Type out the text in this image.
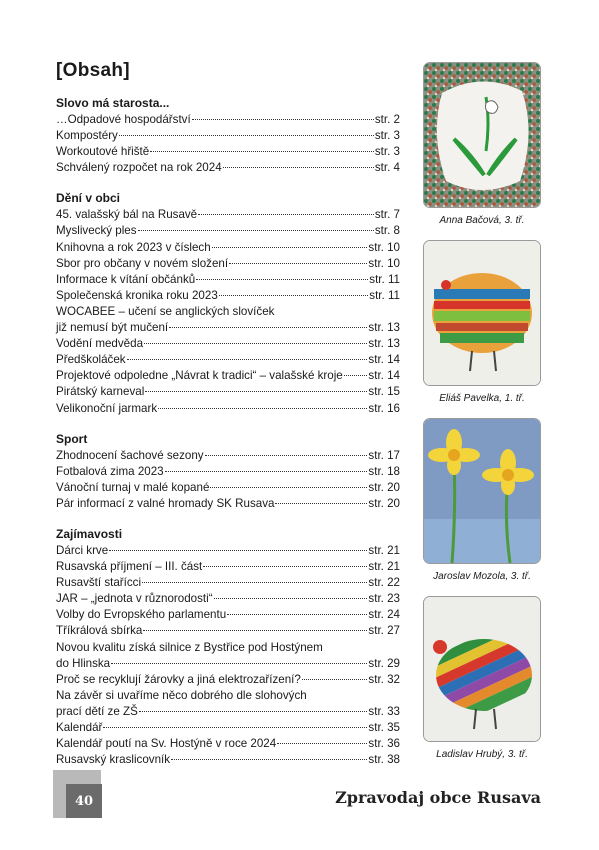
[Obsah]
Slovo má starosta...
…Odpadové hospodářství	str. 2
Kompostéry	str. 3
Workoutové hřiště	str. 3
Schválený rozpočet na rok 2024	str. 4
Dění v obci
45. valašský bál na Rusavě	str. 7
Myslivecký ples	str. 8
Knihovna a rok 2023 v číslech	str. 10
Sbor pro občany v novém složení	str. 10
Informace k vítání občánků	str. 11
Společenská kronika roku 2023	str. 11
WOCABEE – učení se anglických slovíček
již nemusí být mučení	str. 13
Vodění medvěda	str. 13
Předškoláček	str. 14
Projektové odpoledne „Návrat k tradici“ – valašské kroje str. 14
Pirátský karneval	str. 15
Velikonoční jarmark	str. 16
Sport
Zhodnocení šachové sezony	str. 17
Fotbalová zima 2023	str. 18
Vánoční turnaj v malé kopané	str. 20
Pár informací z valné hromady SK Rusava	str. 20
Zajímavosti
Dárci krve	str. 21
Rusavská příjmení – III. část	str. 21
Rusavští stařícci	str. 22
JAR – „jednota v různorodosti“	str. 23
Volby do Evropského parlamentu	str. 24
Tříkrálová sbírka	str. 27
Novou kvalitu získá silnice z Bystřice pod Hostýnem
do Hlinska	str. 29
Proč se recyklují žárovky a jiná elektrozařízení?	str. 32
Na závěr si uvaříme něco dobrého dle slohových
prací dětí ze ZŠ	str. 33
Kalendář	str. 35
Kalendář poutí na Sv. Hostýně v roce 2024	str. 36
Rusavský kraslicovník	str. 38
Anna Bačová, 3. tř.
Eliáš Pavelka, 1. tř.
Jaroslav Mozola, 3. tř.
Ladislav Hrubý, 3. tř.
40	Zpravodaj obce Rusava
